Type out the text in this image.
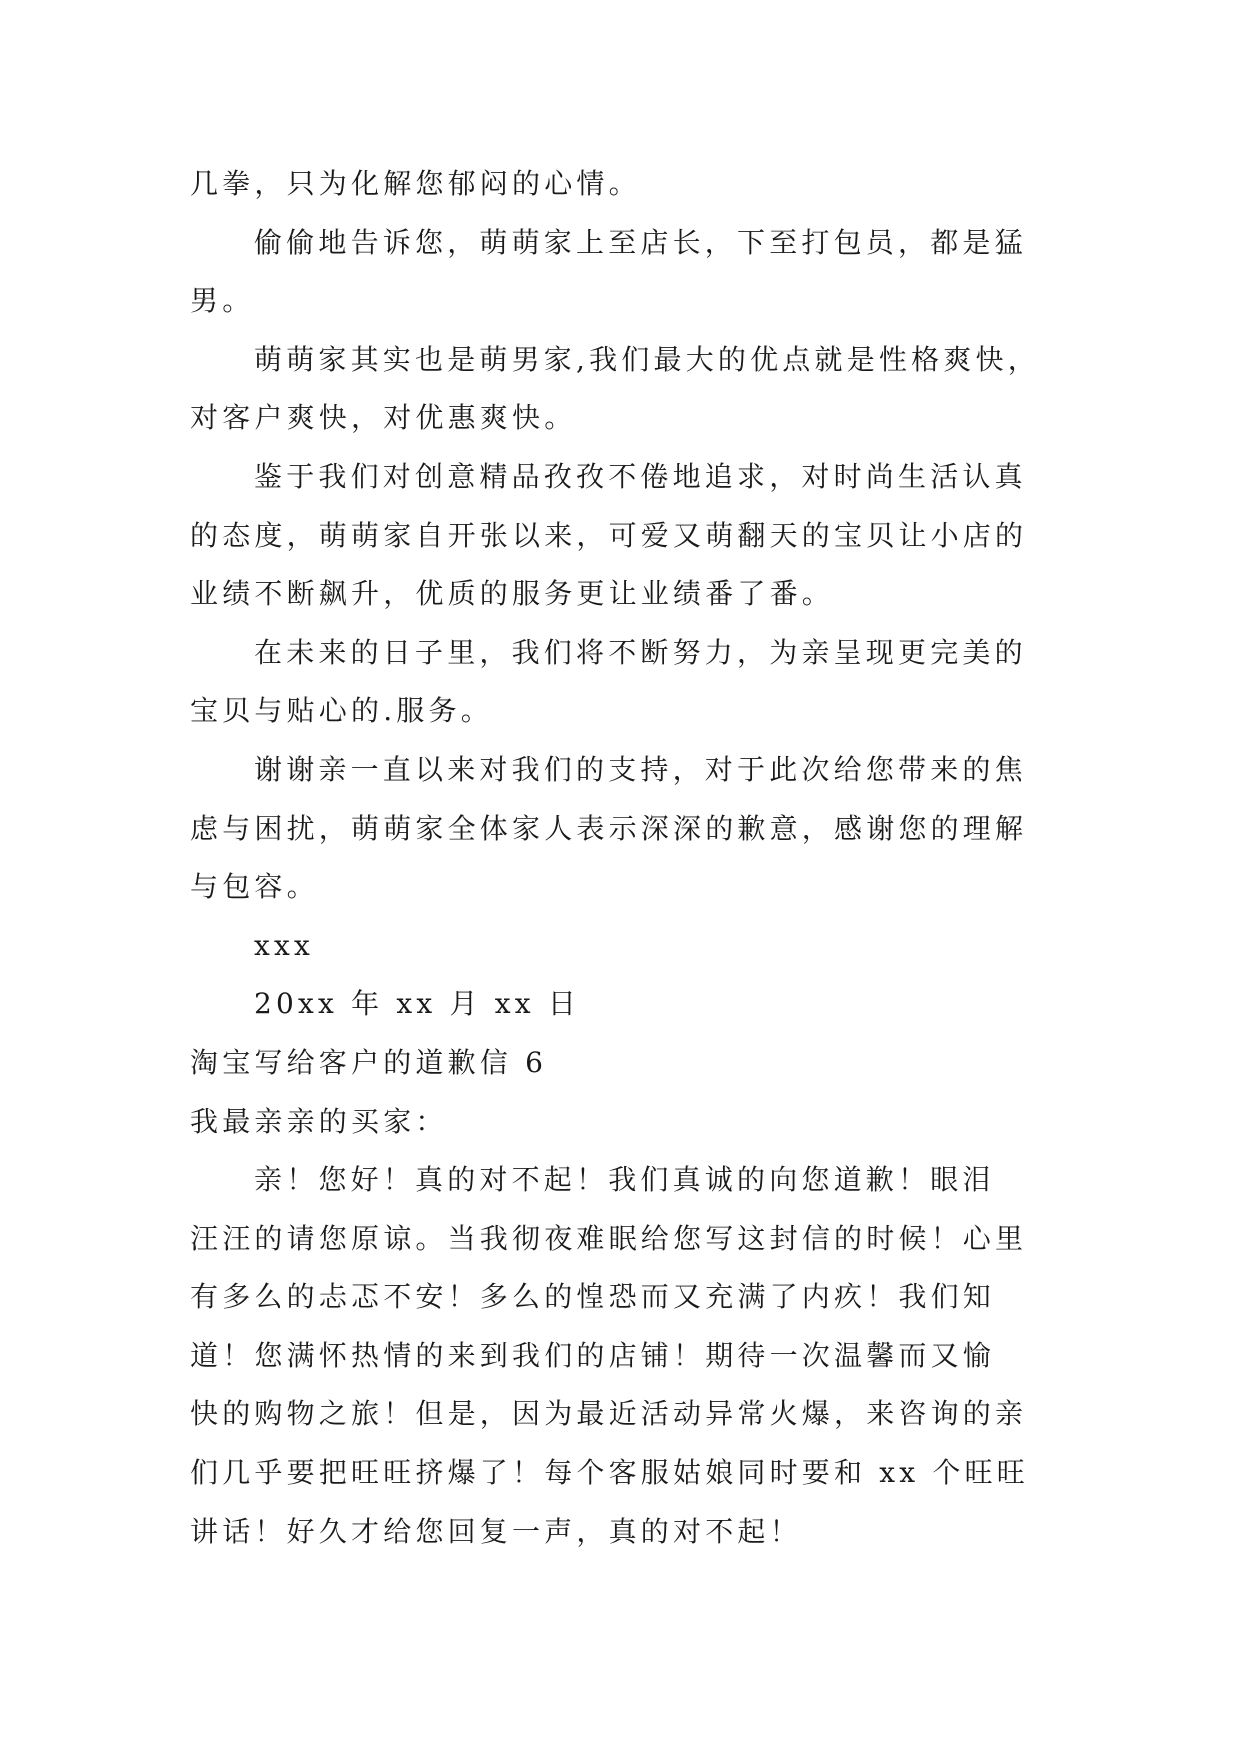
几拳，只为化解您郁闷的心情。
偷偷地告诉您，萌萌家上至店长，下至打包员，都是猛
男。
萌萌家其实也是萌男家,我们最大的优点就是性格爽快，
对客户爽快，对优惠爽快。
鉴于我们对创意精品孜孜不倦地追求，对时尚生活认真
的态度，萌萌家自开张以来，可爱又萌翻天的宝贝让小店的
业绩不断飙升，优质的服务更让业绩番了番。
在未来的日子里，我们将不断努力，为亲呈现更完美的
宝贝与贴心的.服务。
谢谢亲一直以来对我们的支持，对于此次给您带来的焦
虑与困扰，萌萌家全体家人表示深深的歉意，感谢您的理解
与包容。
xxx
20xx 年 xx 月 xx 日
淘宝写给客户的道歉信 6
我最亲亲的买家：
亲！您好！真的对不起！我们真诚的向您道歉！眼泪
汪汪的请您原谅。当我彻夜难眠给您写这封信的时候！心里
有多么的忐忑不安！多么的惶恐而又充满了内疚！我们知
道！您满怀热情的来到我们的店铺！期待一次温馨而又愉
快的购物之旅！但是，因为最近活动异常火爆，来咨询的亲
们几乎要把旺旺挤爆了！每个客服姑娘同时要和 xx 个旺旺
讲话！好久才给您回复一声，真的对不起！
